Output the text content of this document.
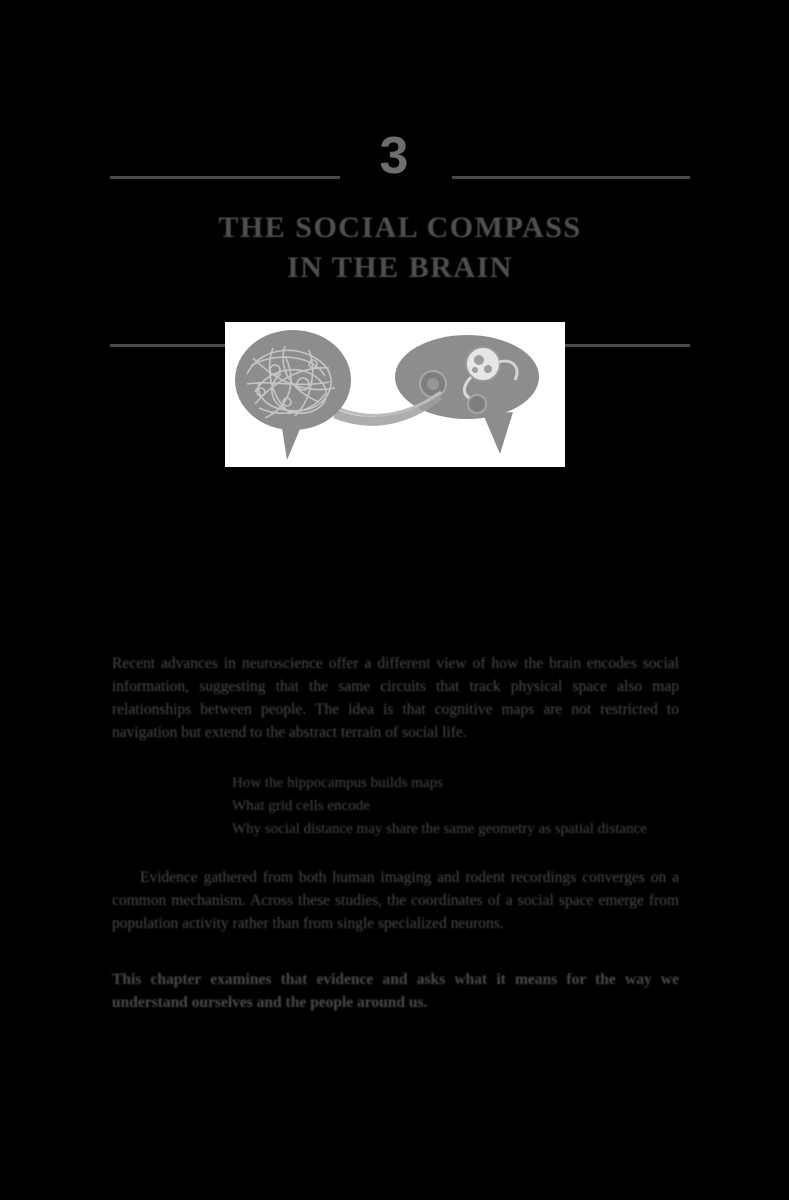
3
THE SOCIAL COMPASS
IN THE BRAIN

Recent advances in neuroscience offer a different view of how the brain encodes social information, suggesting that the same circuits that track physical space also map relationships between people. The idea is that cognitive maps are not restricted to navigation but extend to the abstract terrain of social life.

How the hippocampus builds maps
What grid cells encode
Why social distance may share the same geometry as spatial distance

Evidence gathered from both human imaging and rodent recordings converges on a common mechanism. Across these studies, the coordinates of a social space emerge from population activity rather than from single specialized neurons.

This chapter examines that evidence and asks what it means for the way we understand ourselves and the people around us.
